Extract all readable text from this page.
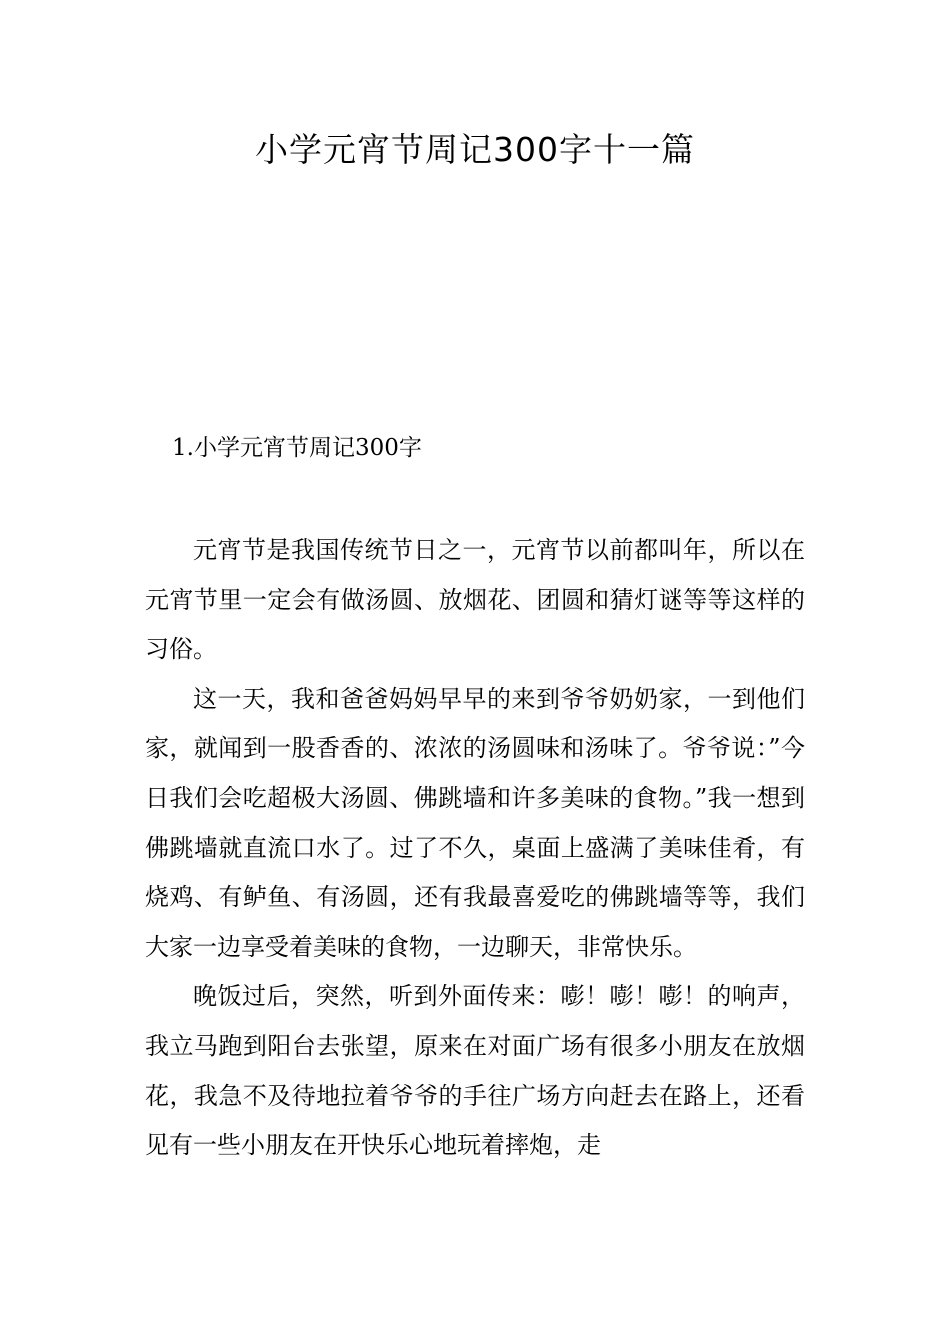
小学元宵节周记300字十一篇
1.小学元宵节周记300字

元宵节是我国传统节日之一，元宵节以前都叫年，所以在元宵节里一定会有做汤圆、放烟花、团圆和猜灯谜等等这样的习俗。

这一天，我和爸爸妈妈早早的来到爷爷奶奶家，一到他们家，就闻到一股香香的、浓浓的汤圆味和汤味了。爷爷说：”今日我们会吃超极大汤圆、佛跳墙和许多美味的食物。”我一想到佛跳墙就直流口水了。过了不久，桌面上盛满了美味佳肴，有烧鸡、有鲈鱼、有汤圆，还有我最喜爱吃的佛跳墙等等，我们大家一边享受着美味的食物，一边聊天，非常快乐。

晚饭过后，突然，听到外面传来：嘭！嘭！嘭！的响声，我立马跑到阳台去张望，原来在对面广场有很多小朋友在放烟花，我急不及待地拉着爷爷的手往广场方向赶去在路上，还看见有一些小朋友在开快乐心地玩着摔炮，走
